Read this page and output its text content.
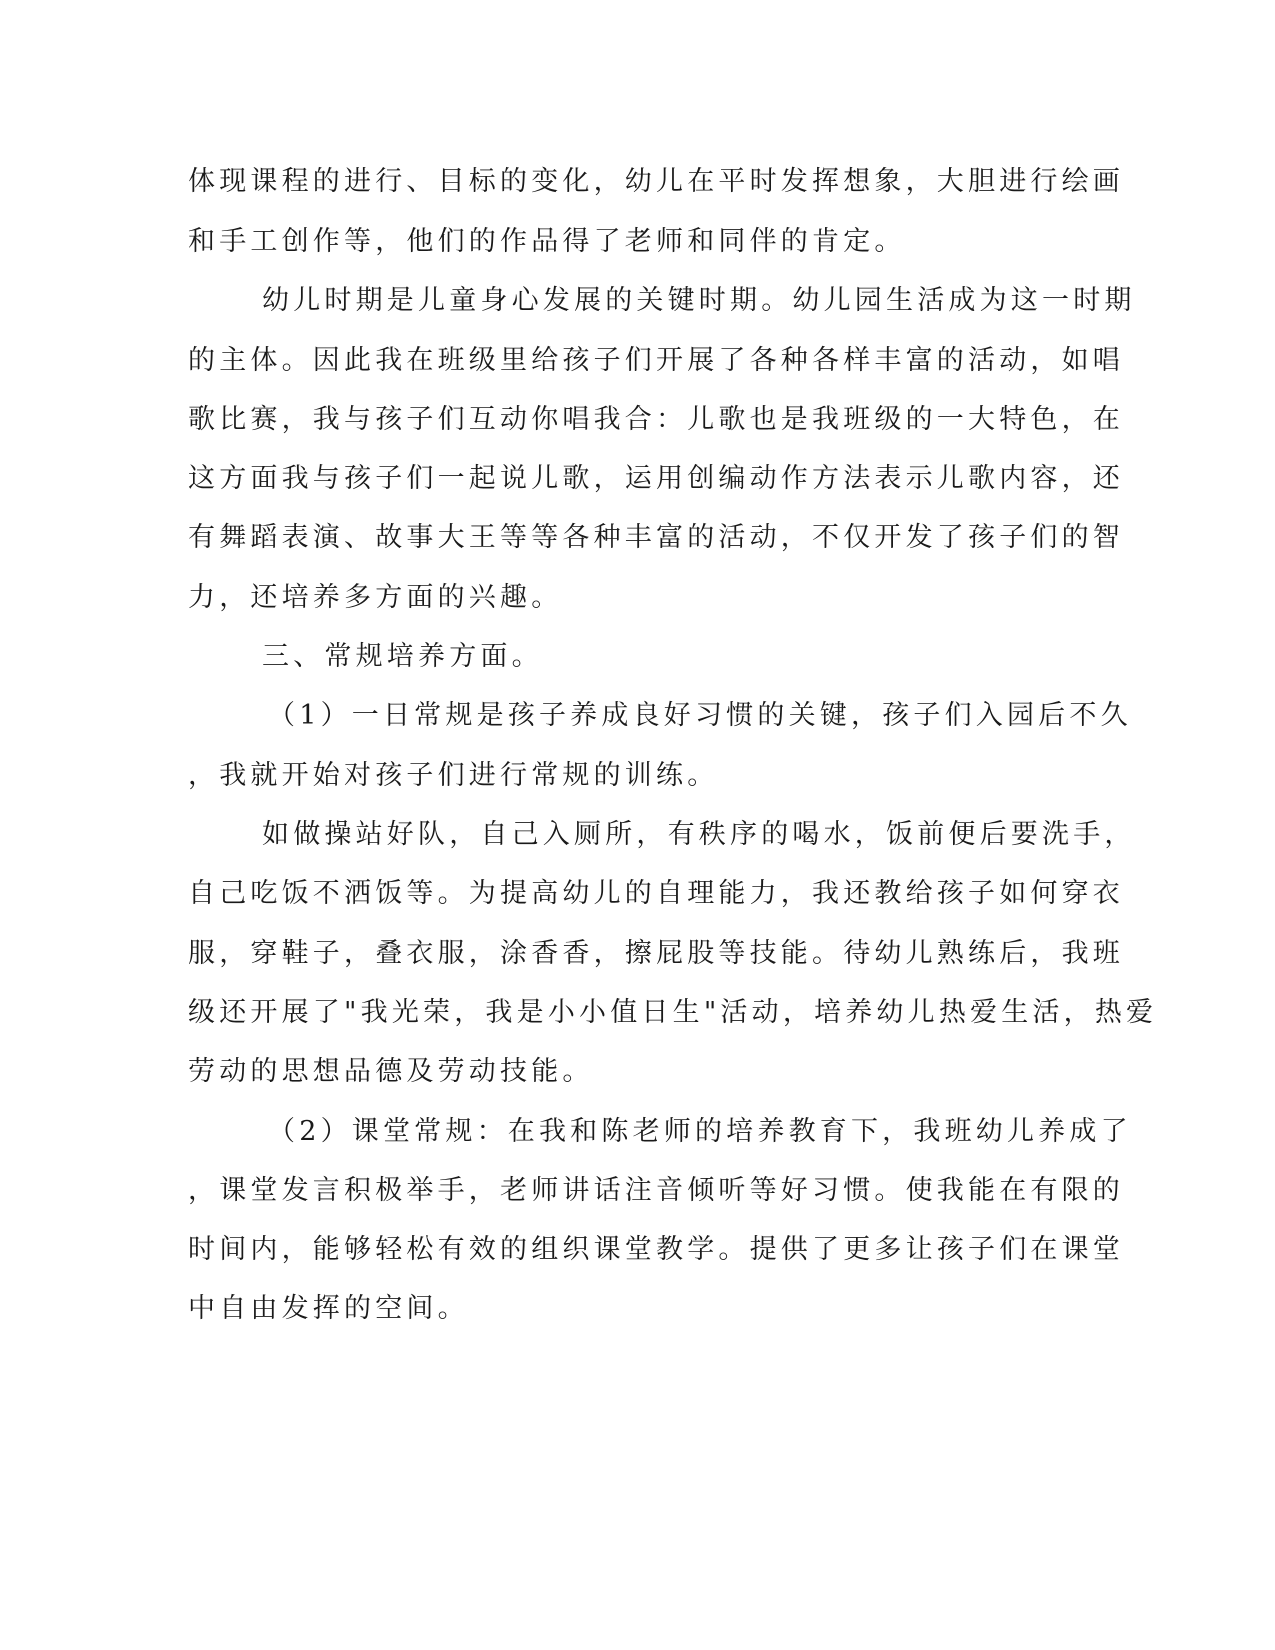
体现课程的进行、目标的变化，幼儿在平时发挥想象，大胆进行绘画
和手工创作等，他们的作品得了老师和同伴的肯定。
幼儿时期是儿童身心发展的关键时期。幼儿园生活成为这一时期
的主体。因此我在班级里给孩子们开展了各种各样丰富的活动，如唱
歌比赛，我与孩子们互动你唱我合：儿歌也是我班级的一大特色，在
这方面我与孩子们一起说儿歌，运用创编动作方法表示儿歌内容，还
有舞蹈表演、故事大王等等各种丰富的活动，不仅开发了孩子们的智
力，还培养多方面的兴趣。
三、常规培养方面。
（1）一日常规是孩子养成良好习惯的关键，孩子们入园后不久
，我就开始对孩子们进行常规的训练。
如做操站好队，自己入厕所，有秩序的喝水，饭前便后要洗手，
自己吃饭不洒饭等。为提高幼儿的自理能力，我还教给孩子如何穿衣
服，穿鞋子，叠衣服，涂香香，擦屁股等技能。待幼儿熟练后，我班
级还开展了"我光荣，我是小小值日生"活动，培养幼儿热爱生活，热爱
劳动的思想品德及劳动技能。
（2）课堂常规：在我和陈老师的培养教育下，我班幼儿养成了
，课堂发言积极举手，老师讲话注音倾听等好习惯。使我能在有限的
时间内，能够轻松有效的组织课堂教学。提供了更多让孩子们在课堂
中自由发挥的空间。
